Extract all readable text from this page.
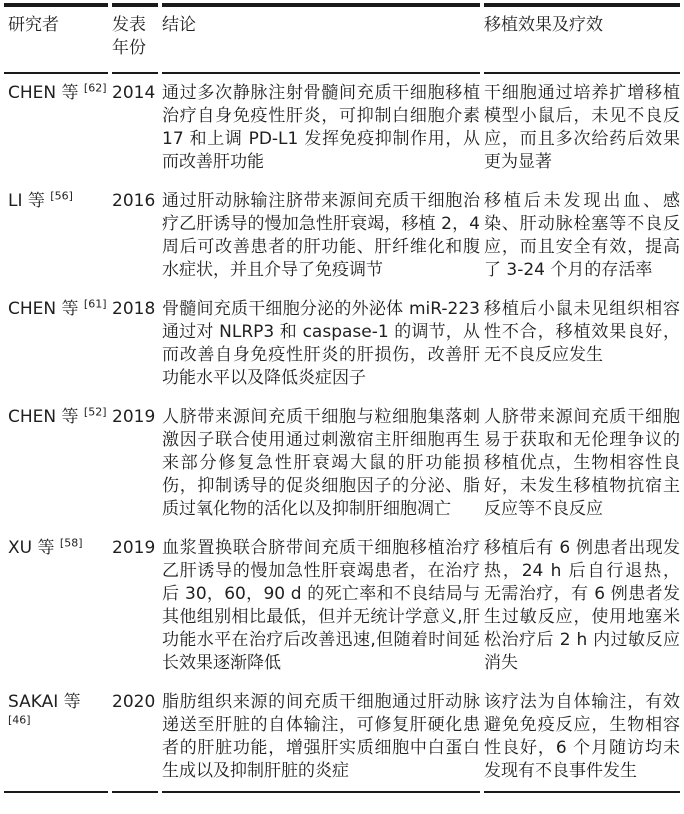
研究者	发表年份	结论	移植效果及疗效
CHEN 等 [62]	2014	通过多次静脉注射骨髓间充质干细胞移植治疗自身免疫性肝炎，可抑制白细胞介素 17 和上调 PD-L1 发挥免疫抑制作用，从而改善肝功能	干细胞通过培养扩增移植模型小鼠后，未见不良反应，而且多次给药后效果更为显著
LI 等 [56]	2016	通过肝动脉输注脐带来源间充质干细胞治疗乙肝诱导的慢加急性肝衰竭，移植 2，4 周后可改善患者的肝功能、肝纤维化和腹水症状，并且介导了免疫调节	移植后未发现出血、感染、肝动脉栓塞等不良反应，而且安全有效，提高了 3-24 个月的存活率
CHEN 等 [61]	2018	骨髓间充质干细胞分泌的外泌体 miR-223 通过对 NLRP3 和 caspase-1 的调节，从而改善自身免疫性肝炎的肝损伤，改善肝功能水平以及降低炎症因子	移植后小鼠未见组织相容性不合，移植效果良好，无不良反应发生
CHEN 等 [52]	2019	人脐带来源间充质干细胞与粒细胞集落刺激因子联合使用通过刺激宿主肝细胞再生来部分修复急性肝衰竭大鼠的肝功能损伤，抑制诱导的促炎细胞因子的分泌、脂质过氧化物的活化以及抑制肝细胞凋亡	人脐带来源间充质干细胞易于获取和无伦理争议的移植优点，生物相容性良好，未发生移植物抗宿主反应等不良反应
XU 等 [58]	2019	血浆置换联合脐带间充质干细胞移植治疗乙肝诱导的慢加急性肝衰竭患者，在治疗后 30，60，90 d 的死亡率和不良结局与其他组别相比最低，但并无统计学意义,肝功能水平在治疗后改善迅速,但随着时间延长效果逐渐降低	移植后有 6 例患者出现发热，24 h 后自行退热，无需治疗，有 6 例患者发生过敏反应，使用地塞米松治疗后 2 h 内过敏反应消失
SAKAI 等 [46]	2020	脂肪组织来源的间充质干细胞通过肝动脉递送至肝脏的自体输注，可修复肝硬化患者的肝脏功能，增强肝实质细胞中白蛋白生成以及抑制肝脏的炎症	该疗法为自体输注，有效避免免疫反应，生物相容性良好，6 个月随访均未发现有不良事件发生
